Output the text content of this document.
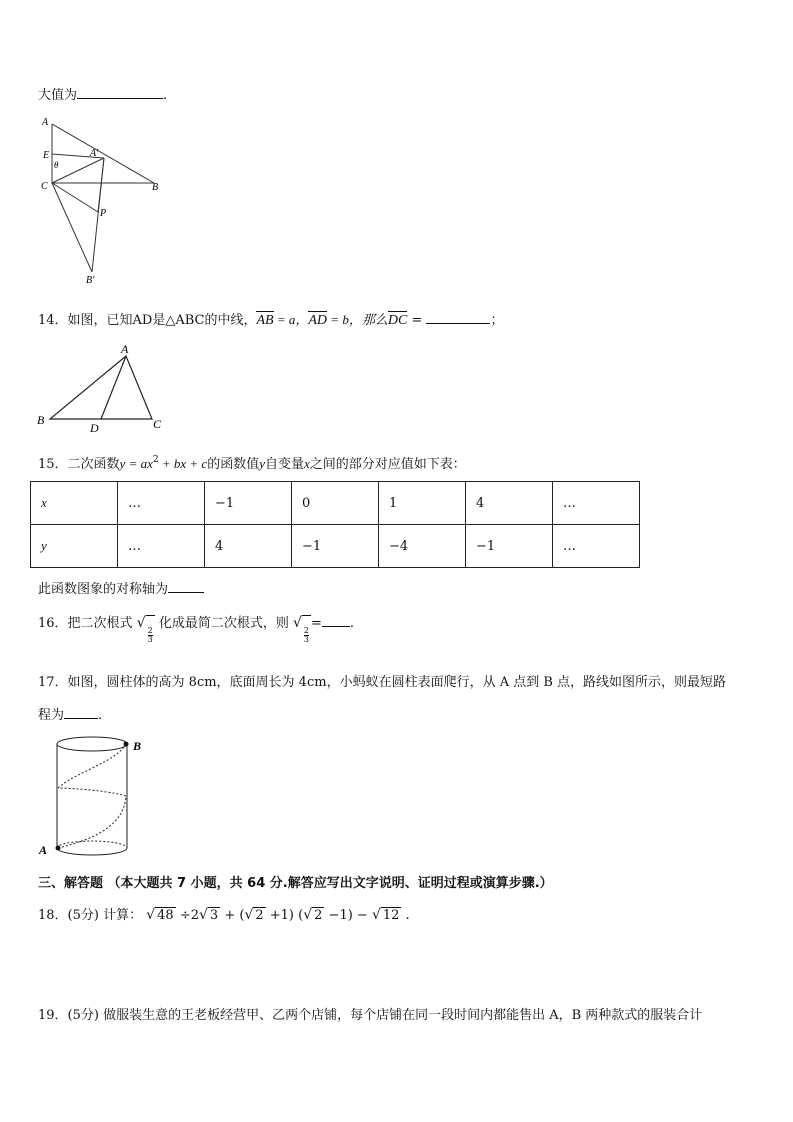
大值为	.
A
E
θ
A′
C	B
P
B′
14．如图，已知AD是△ABC的中线，AB = a，AD = b，那么DC =	；
A
B
D	C
15．二次函数$y = ax^2$ + bx + c的函数值y自变量x之间的部分对应值如下表：
x	…	−1	0	1	4	…
y	…	4	−1	−4	−1	…
此函数图象的对称轴为
16．把二次根式 √
$\frac{2}{3}$
化成最简二次根式，则 √
$\frac{2}{3}$
= .
17．如图，圆柱体的高为 8cm，底面周长为 4cm，小蚂蚁在圆柱表面爬行，从 A 点到 B 点，路线如图所示，则最短路
程为	.
B
A
三、解答题 （本大题共 7 小题，共 64 分.解答应写出文字说明、证明过程或演算步骤.）
18．(5分) 计算： √ 48 ÷2 √ 3 + ( √ 2 +1) ( √ 2 −1) − √ 12 .
19．(5分) 做服装生意的王老板经营甲、乙两个店铺，每个店铺在同一段时间内都能售出 A，B 两种款式的服装合计
